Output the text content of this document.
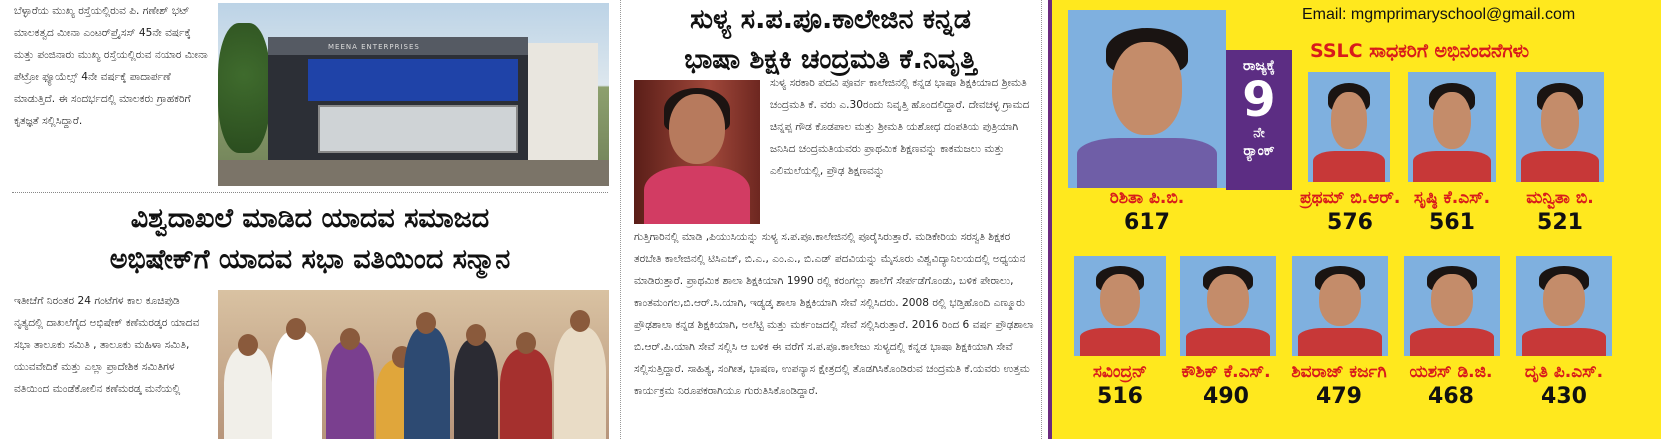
ಬೆಳ್ಳಾರೆಯ ಮುಖ್ಯ ರಸ್ತೆಯಲ್ಲಿರುವ ಪಿ. ಗಣೇಶ್ ಭಟ್ ಮಾಲಕತ್ವದ ಮೀನಾ ಎಂಟರ್‌ಪ್ರೈಸಸ್ 45ನೇ ವರ್ಷಕ್ಕೆ ಮತ್ತು ಪಂಜಿನಾರು ಮುಖ್ಯ ರಸ್ತೆಯಲ್ಲಿರುವ ನಯಾರ ಮೀನಾ ಪೆಟ್ರೋ ಫ್ಯೂಯೆಲ್ಸ್ 4ನೇ ವರ್ಷಕ್ಕೆ ಪಾದಾರ್ಪಣೆ ಮಾಡುತ್ತಿದೆ. ಈ ಸಂದರ್ಭದಲ್ಲಿ ಮಾಲಕರು ಗ್ರಾಹಕರಿಗೆ ಕೃತಜ್ಞತೆ ಸಲ್ಲಿಸಿದ್ದಾರೆ.

MEENA ENTERPRISES
ವಿಶ್ವದಾಖಲೆ ಮಾಡಿದ ಯಾದವ ಸಮಾಜದ
ಅಭಿಷೇಕ್‌ಗೆ ಯಾದವ ಸಭಾ ವತಿಯಿಂದ ಸನ್ಮಾನ

ಇತೀಚೆಗೆ ನಿರಂತರ 24 ಗಂಟೆಗಳ ಕಾಲ ಕೂಚಿಪುಡಿ ನೃತ್ಯದಲ್ಲಿ ದಾಖಲೆಗೈದ ಅಭಿಷೇಕ್ ಕಣೆಮರಡ್ಕರ ಯಾದವ ಸಭಾ ತಾಲೂಕು ಸಮಿತಿ , ತಾಲೂಕು ಮಹಿಳಾ ಸಮಿತಿ, ಯುವವೇದಿಕೆ ಮತ್ತು ಎಲ್ಲಾ ಪ್ರಾದೇಶಿಕ ಸಮಿತಿಗಳ ವತಿಯಿಂದ ಮಂಡೆಕೋಲಿನ ಕಣೆಮರಡ್ಕ ಮನೆಯಲ್ಲಿ

ಸುಳ್ಯ ಸ.ಪ.ಪೂ.ಕಾಲೇಜಿನ ಕನ್ನಡ
ಭಾಷಾ ಶಿಕ್ಷಕಿ ಚಂದ್ರಮತಿ ಕೆ.ನಿವೃತ್ತಿ

ಸುಳ್ಯ ಸರಕಾರಿ ಪದವಿ ಪೂರ್ವ ಕಾಲೇಜಿನಲ್ಲಿ ಕನ್ನಡ ಭಾಷಾ ಶಿಕ್ಷಕಿಯಾದ ಶ್ರೀಮತಿ ಚಂದ್ರಮತಿ ಕೆ. ವರು ಎ.30ರಂದು ನಿವೃತ್ತಿ ಹೊಂದಲಿದ್ದಾರೆ. ದೇವಚಳ್ಳ ಗ್ರಾಮದ ಚಿನ್ನಪ್ಪ ಗೌಡ ಕೊಡಪಾಲ ಮತ್ತು ಶ್ರೀಮತಿ ಯಶೋಧ ದಂಪತಿಯ ಪುತ್ರಿಯಾಗಿ ಜನಿಸಿದ ಚಂದ್ರಮತಿಯವರು ಪ್ರಾಥಮಿಕ ಶಿಕ್ಷಣವನ್ನು ಕಾಕಮಜಲು ಮತ್ತು ಎಲಿಮಲೆಯಲ್ಲಿ, ಪ್ರೌಢ ಶಿಕ್ಷಣವನ್ನು

ಗುತ್ತಿಗಾರಿನಲ್ಲಿ ಮಾಡಿ ,ಪಿಯುಸಿಯನ್ನು ಸುಳ್ಯ ಸ.ಪ.ಪೂ.ಕಾಲೇಜಿನಲ್ಲಿ ಪೂರೈಸಿರುತ್ತಾರೆ. ಮಡಿಕೇರಿಯ ಸರಸ್ವತಿ ಶಿಕ್ಷಕರ ತರಬೇತಿ ಕಾಲೇಜಿನಲ್ಲಿ ಟಿಸಿಎಚ್, ಬಿ.ಎ., ಎಂ.ಎ., ಬಿ.ಎಡ್ ಪದವಿಯನ್ನು ಮೈಸೂರು ವಿಶ್ವವಿದ್ಯಾನಿಲಯದಲ್ಲಿ ಅಧ್ಯಯನ ಮಾಡಿರುತ್ತಾರೆ. ಪ್ರಾಥಮಿಕ ಶಾಲಾ ಶಿಕ್ಷಕಿಯಾಗಿ 1990 ರಲ್ಲಿ ಕರಂಗಲ್ಲು ಶಾಲೆಗೆ ಸೇರ್ಪಡೆಗೊಂಡು, ಬಳಿಕ ಪೇರಾಲು, ಕಾಂತಮಂಗಲ,ಬಿ.ಆರ್.ಸಿ.ಯಾಗಿ, ಇಡ್ಯಡ್ಕ ಶಾಲಾ ಶಿಕ್ಷಕಿಯಾಗಿ ಸೇವೆ ಸಲ್ಲಿಸಿದರು. 2008 ರಲ್ಲಿ ಭಡ್ತಿಹೊಂದಿ ಎಣ್ಮೂರು ಪ್ರೌಢಶಾಲಾ ಕನ್ನಡ ಶಿಕ್ಷಕಿಯಾಗಿ, ಅಲೆಟ್ಟಿ ಮತ್ತು ಮರ್ಕಂಜದಲ್ಲಿ ಸೇವೆ ಸಲ್ಲಿಸಿರುತ್ತಾರೆ. 2016 ರಿಂದ 6 ವರ್ಷ ಪ್ರೌಢಶಾಲಾ ಬಿ.ಆರ್.ಪಿ.ಯಾಗಿ ಸೇವೆ ಸಲ್ಲಿಸಿ ಆ ಬಳಿಕ ಈ ವರೆಗೆ ಸ.ಪ.ಪೂ.ಕಾಲೇಜು ಸುಳ್ಯದಲ್ಲಿ ಕನ್ನಡ ಭಾಷಾ ಶಿಕ್ಷಕಿಯಾಗಿ ಸೇವೆ ಸಲ್ಲಿಸುತ್ತಿದ್ದಾರೆ. ಸಾಹಿತ್ಯ, ಸಂಗೀತ, ಭಾಷಣ, ಉಪನ್ಯಾಸ ಕ್ಷೇತ್ರದಲ್ಲಿ ತೊಡಗಿಸಿಕೊಂಡಿರುವ ಚಂದ್ರಮತಿ ಕೆ.ಯವರು ಉತ್ತಮ ಕಾರ್ಯಕ್ರಮ ನಿರೂಪಕರಾಗಿಯೂ ಗುರುತಿಸಿಕೊಂಡಿದ್ದಾರೆ.

Email: mgmprimaryschool@gmail.com
SSLC ಸಾಧಕರಿಗೆ ಅಭಿನಂದನೆಗಳು
ರಾಜ್ಯಕ್ಕೆ
9
ನೇ
ರ್‍ಯಾಂಕ್
ರಿಶಿತಾ ಪಿ.ಬಿ.
617
ಪ್ರಥಮ್ ಬಿ.ಆರ್.
576
ಸೃಷ್ಠಿ ಕೆ.ಎಸ್.
561
ಮನ್ವಿತಾ ಬಿ.
521
ಸವಿಂದ್ರನ್
516
ಕೌಶಿಕ್ ಕೆ.ಎಸ್.
490
ಶಿವರಾಜ್ ಕರ್ಜಗಿ
479
ಯಶಸ್ ಡಿ.ಜಿ.
468
ದೃತಿ ಪಿ.ಎಸ್.
430
